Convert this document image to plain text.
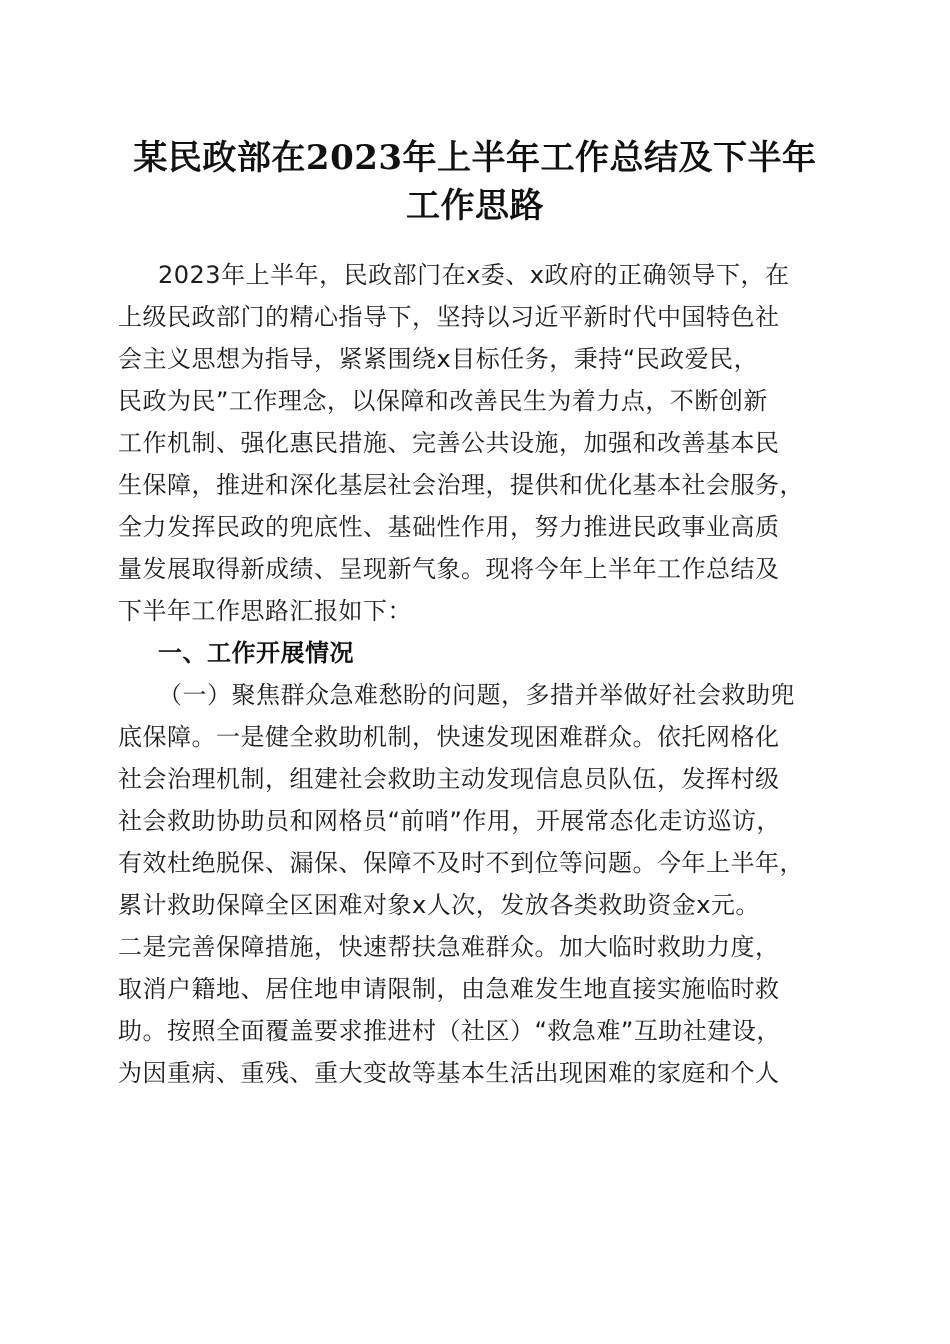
某民政部在2023年上半年工作总结及下半年
工作思路
2023年上半年，民政部门在x委、x政府的正确领导下，在
上级民政部门的精心指导下，坚持以习近平新时代中国特色社
会主义思想为指导，紧紧围绕x目标任务，秉持“民政爱民，
民政为民”工作理念，以保障和改善民生为着力点，不断创新
工作机制、强化惠民措施、完善公共设施，加强和改善基本民
生保障，推进和深化基层社会治理，提供和优化基本社会服务，
全力发挥民政的兜底性、基础性作用，努力推进民政事业高质
量发展取得新成绩、呈现新气象。现将今年上半年工作总结及
下半年工作思路汇报如下：
一、工作开展情况
（一）聚焦群众急难愁盼的问题，多措并举做好社会救助兜
底保障。一是健全救助机制，快速发现困难群众。依托网格化
社会治理机制，组建社会救助主动发现信息员队伍，发挥村级
社会救助协助员和网格员“前哨”作用，开展常态化走访巡访，
有效杜绝脱保、漏保、保障不及时不到位等问题。今年上半年，
累计救助保障全区困难对象x人次，发放各类救助资金x元。
二是完善保障措施，快速帮扶急难群众。加大临时救助力度，
取消户籍地、居住地申请限制，由急难发生地直接实施临时救
助。按照全面覆盖要求推进村（社区）“救急难”互助社建设，
为因重病、重残、重大变故等基本生活出现困难的家庭和个人
